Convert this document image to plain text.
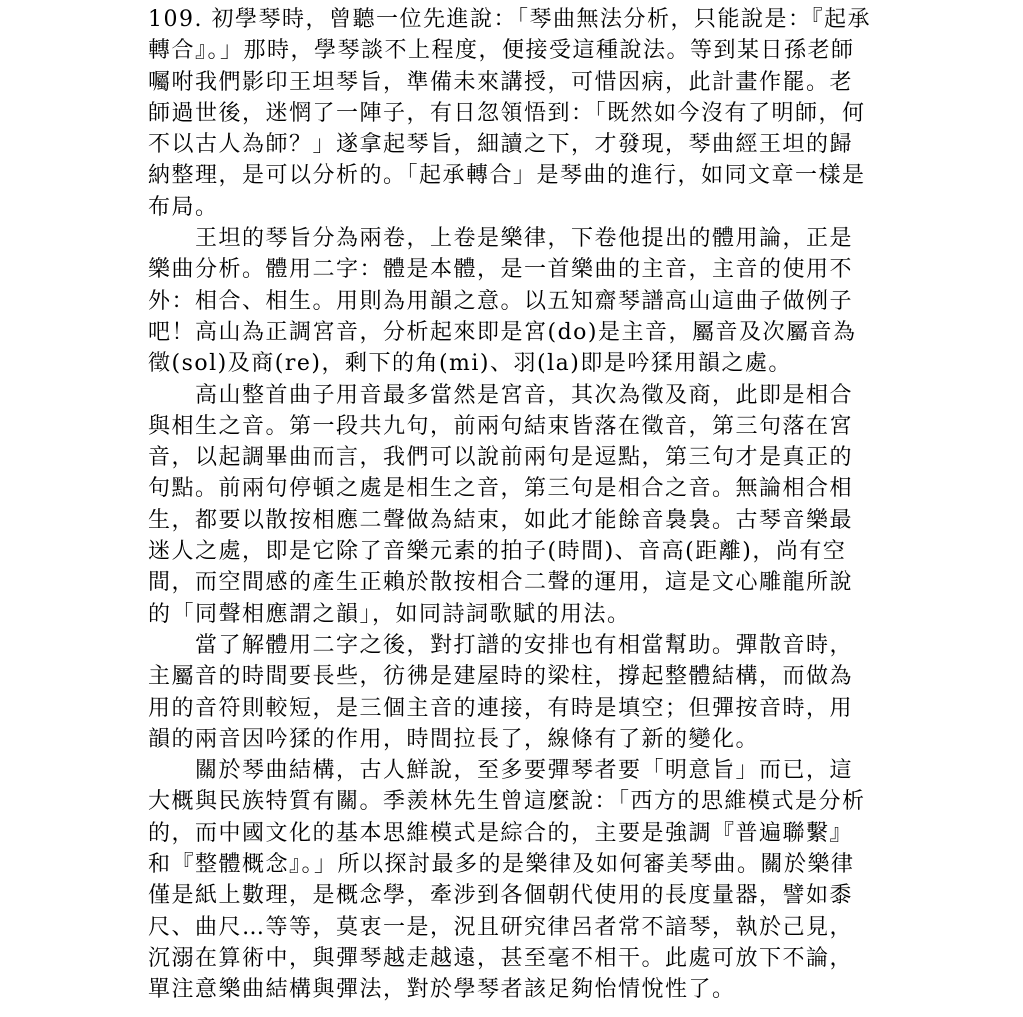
109. 初學琴時，曾聽一位先進說：「琴曲無法分析，只能說是：『起承
轉合』。」那時，學琴談不上程度，便接受這種說法。等到某日孫老師
囑咐我們影印王坦琴旨，準備未來講授，可惜因病，此計畫作罷。老
師過世後，迷惘了一陣子，有日忽領悟到：「既然如今沒有了明師，何
不以古人為師？」遂拿起琴旨，細讀之下，才發現，琴曲經王坦的歸
納整理，是可以分析的。「起承轉合」是琴曲的進行，如同文章一樣是
布局。
　　王坦的琴旨分為兩卷，上卷是樂律，下卷他提出的體用論，正是
樂曲分析。體用二字：體是本體，是一首樂曲的主音，主音的使用不
外：相合、相生。用則為用韻之意。以五知齋琴譜高山這曲子做例子
吧！高山為正調宮音，分析起來即是宮(do)是主音，屬音及次屬音為
徵(sol)及商(re)，剩下的角(mi)、羽(la)即是吟猱用韻之處。
　　高山整首曲子用音最多當然是宮音，其次為徵及商，此即是相合
與相生之音。第一段共九句，前兩句結束皆落在徵音，第三句落在宮
音，以起調畢曲而言，我們可以說前兩句是逗點，第三句才是真正的
句點。前兩句停頓之處是相生之音，第三句是相合之音。無論相合相
生，都要以散按相應二聲做為結束，如此才能餘音裊裊。古琴音樂最
迷人之處，即是它除了音樂元素的拍子(時間)、音高(距離)，尚有空
間，而空間感的產生正賴於散按相合二聲的運用，這是文心雕龍所說
的「同聲相應謂之韻」，如同詩詞歌賦的用法。
　　當了解體用二字之後，對打譜的安排也有相當幫助。彈散音時，
主屬音的時間要長些，彷彿是建屋時的梁柱，撐起整體結構，而做為
用的音符則較短，是三個主音的連接，有時是填空；但彈按音時，用
韻的兩音因吟猱的作用，時間拉長了，線條有了新的變化。
　　關於琴曲結構，古人鮮說，至多要彈琴者要「明意旨」而已，這
大概與民族特質有關。季羨林先生曾這麼說：「西方的思維模式是分析
的，而中國文化的基本思維模式是綜合的，主要是強調『普遍聯繫』
和『整體概念』。」所以探討最多的是樂律及如何審美琴曲。關於樂律
僅是紙上數理，是概念學，牽涉到各個朝代使用的長度量器，譬如黍
尺、曲尺…等等，莫衷一是，況且研究律呂者常不諳琴，執於己見，
沉溺在算術中，與彈琴越走越遠，甚至毫不相干。此處可放下不論，
單注意樂曲結構與彈法，對於學琴者該足夠怡情悅性了。
